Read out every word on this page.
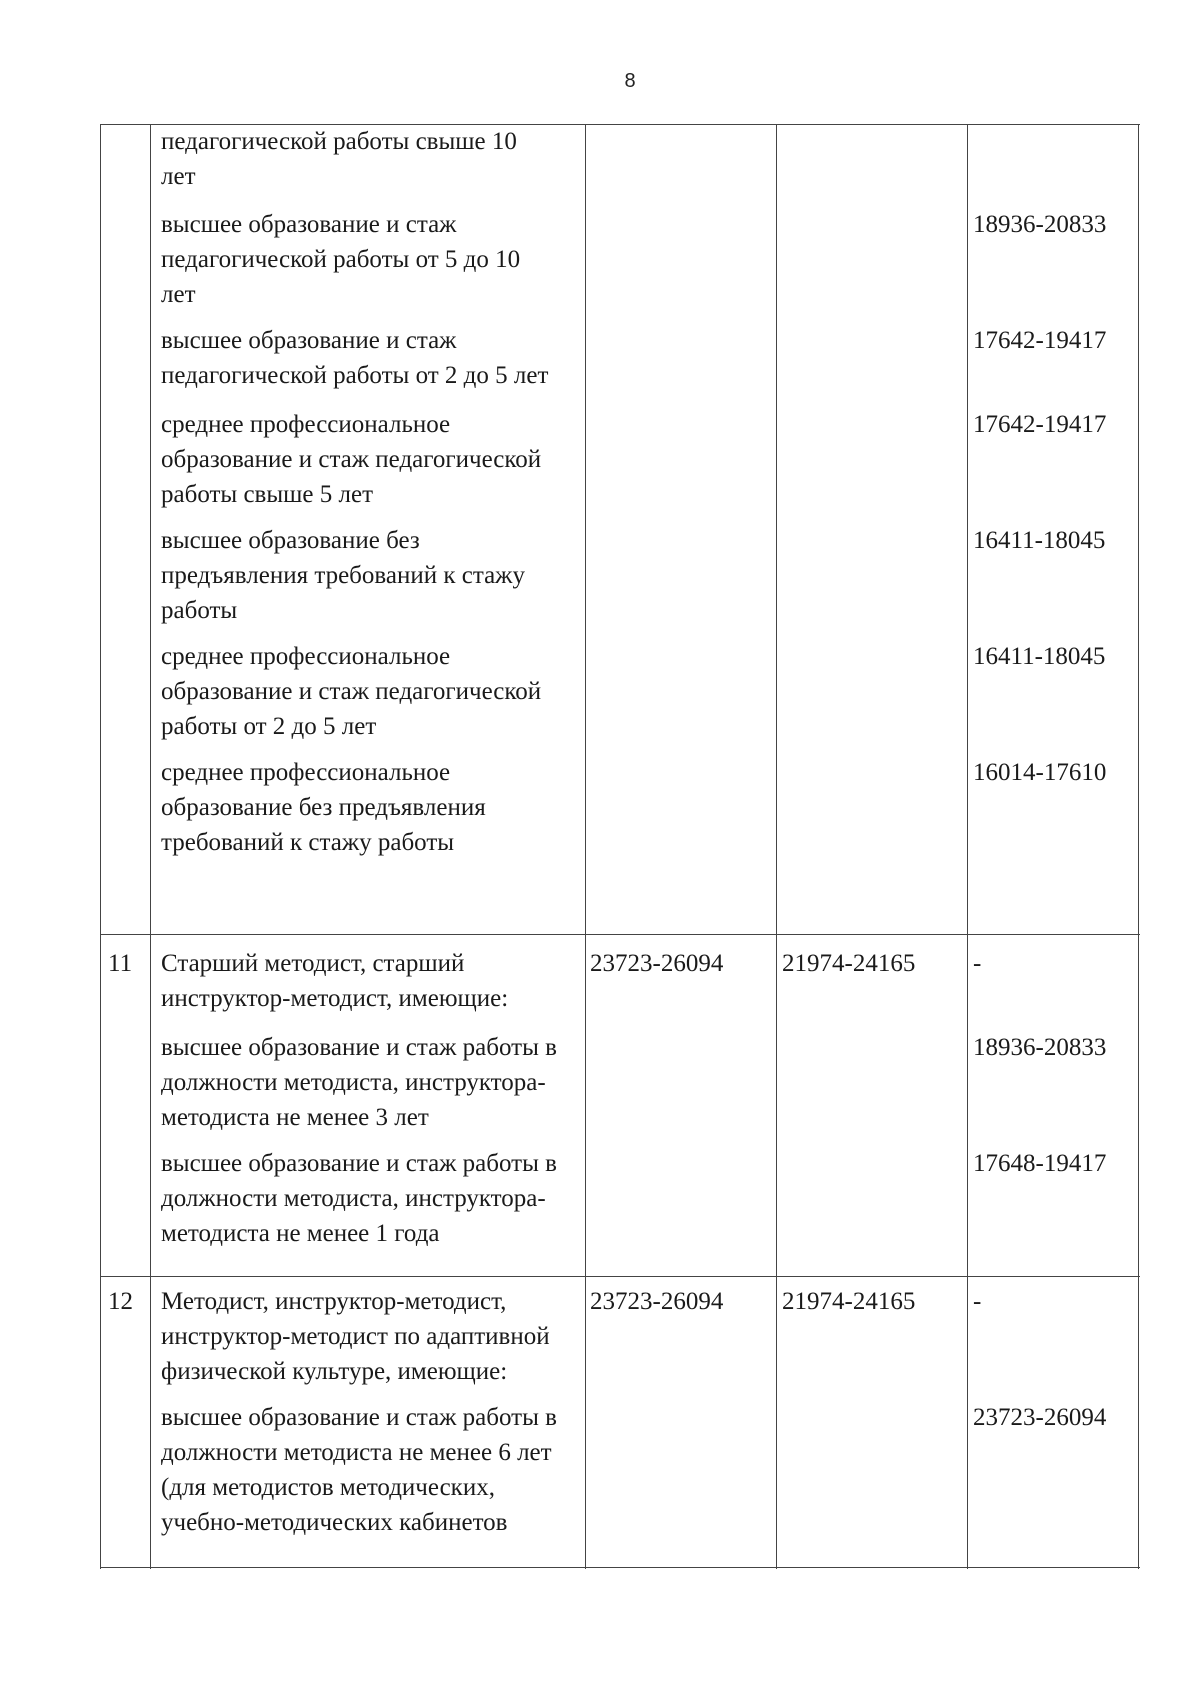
8
педагогической работы свыше 10
лет
высшее образование и стаж
педагогической работы от 5 до 10
лет
18936-20833
высшее образование и стаж
педагогической работы от 2 до 5 лет
17642-19417
среднее профессиональное
образование и стаж педагогической
работы свыше 5 лет
17642-19417
высшее образование без
предъявления требований к стажу
работы
16411-18045
среднее профессиональное
образование и стаж педагогической
работы от 2 до 5 лет
16411-18045
среднее профессиональное
образование без предъявления
требований к стажу работы
16014-17610
11 Старший методист, старший
инструктор-методист, имеющие:
23723-26094 21974-24165 -
высшее образование и стаж работы в
должности методиста, инструктора-
методиста не менее 3 лет
18936-20833
высшее образование и стаж работы в
должности методиста, инструктора-
методиста не менее 1 года
17648-19417
12 Методист, инструктор-методист,
инструктор-методист по адаптивной
физической культуре, имеющие:
23723-26094 21974-24165 -
высшее образование и стаж работы в
должности методиста не менее 6 лет
(для методистов методических,
учебно-методических кабинетов
23723-26094
